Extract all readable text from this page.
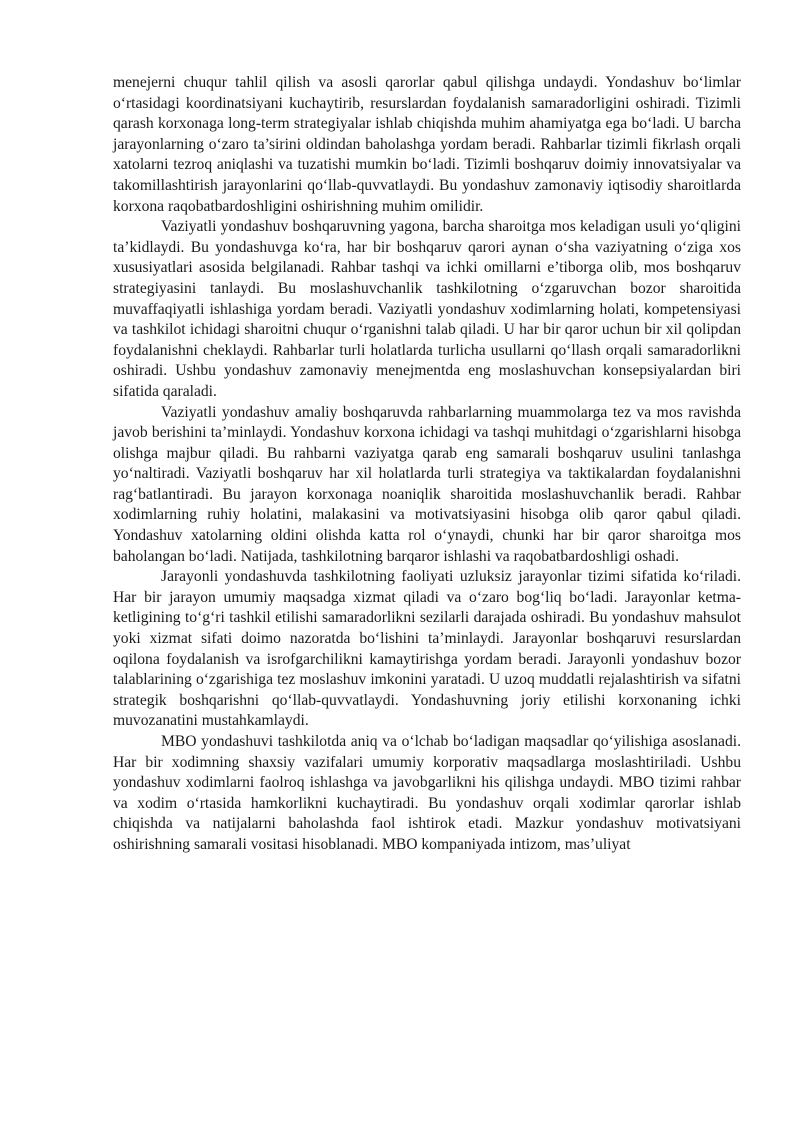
menejerni chuqur tahlil qilish va asosli qarorlar qabul qilishga undaydi. Yondashuv bo‘limlar o‘rtasidagi koordinatsiyani kuchaytirib, resurslardan foydalanish samaradorligini oshiradi. Tizimli qarash korxonaga long-term strategiyalar ishlab chiqishda muhim ahamiyatga ega bo‘ladi. U barcha jarayonlarning o‘zaro ta’sirini oldindan baholashga yordam beradi. Rahbarlar tizimli fikrlash orqali xatolarni tezroq aniqlashi va tuzatishi mumkin bo‘ladi. Tizimli boshqaruv doimiy innovatsiyalar va takomillashtirish jarayonlarini qo‘llab-quvvatlaydi. Bu yondashuv zamonaviy iqtisodiy sharoitlarda korxona raqobatbardoshligini oshirishning muhim omilidir.

Vaziyatli yondashuv boshqaruvning yagona, barcha sharoitga mos keladigan usuli yo‘qligini ta’kidlaydi. Bu yondashuvga ko‘ra, har bir boshqaruv qarori aynan o‘sha vaziyatning o‘ziga xos xususiyatlari asosida belgilanadi. Rahbar tashqi va ichki omillarni e’tiborga olib, mos boshqaruv strategiyasini tanlaydi. Bu moslashuvchanlik tashkilotning o‘zgaruvchan bozor sharoitida muvaffaqiyatli ishlashiga yordam beradi. Vaziyatli yondashuv xodimlarning holati, kompetensiyasi va tashkilot ichidagi sharoitni chuqur o‘rganishni talab qiladi. U har bir qaror uchun bir xil qolipdan foydalanishni cheklaydi. Rahbarlar turli holatlarda turlicha usullarni qo‘llash orqali samaradorlikni oshiradi. Ushbu yondashuv zamonaviy menejmentda eng moslashuvchan konsepsiyalardan biri sifatida qaraladi.

Vaziyatli yondashuv amaliy boshqaruvda rahbarlarning muammolarga tez va mos ravishda javob berishini ta’minlaydi. Yondashuv korxona ichidagi va tashqi muhitdagi o‘zgarishlarni hisobga olishga majbur qiladi. Bu rahbarni vaziyatga qarab eng samarali boshqaruv usulini tanlashga yo‘naltiradi. Vaziyatli boshqaruv har xil holatlarda turli strategiya va taktikalardan foydalanishni rag‘batlantiradi. Bu jarayon korxonaga noaniqlik sharoitida moslashuvchanlik beradi. Rahbar xodimlarning ruhiy holatini, malakasini va motivatsiyasini hisobga olib qaror qabul qiladi. Yondashuv xatolarning oldini olishda katta rol o‘ynaydi, chunki har bir qaror sharoitga mos baholangan bo‘ladi. Natijada, tashkilotning barqaror ishlashi va raqobatbardoshligi oshadi.

Jarayonli yondashuvda tashkilotning faoliyati uzluksiz jarayonlar tizimi sifatida ko‘riladi. Har bir jarayon umumiy maqsadga xizmat qiladi va o‘zaro bog‘liq bo‘ladi. Jarayonlar ketma-ketligining to‘g‘ri tashkil etilishi samaradorlikni sezilarli darajada oshiradi. Bu yondashuv mahsulot yoki xizmat sifati doimo nazoratda bo‘lishini ta’minlaydi. Jarayonlar boshqaruvi resurslardan oqilona foydalanish va isrofgarchilikni kamaytirishga yordam beradi. Jarayonli yondashuv bozor talablarining o‘zgarishiga tez moslashuv imkonini yaratadi. U uzoq muddatli rejalashtirish va sifatni strategik boshqarishni qo‘llab-quvvatlaydi. Yondashuvning joriy etilishi korxonaning ichki muvozanatini mustahkamlaydi.

MBO yondashuvi tashkilotda aniq va o‘lchab bo‘ladigan maqsadlar qo‘yilishiga asoslanadi. Har bir xodimning shaxsiy vazifalari umumiy korporativ maqsadlarga moslashtiriladi. Ushbu yondashuv xodimlarni faolroq ishlashga va javobgarlikni his qilishga undaydi. MBO tizimi rahbar va xodim o‘rtasida hamkorlikni kuchaytiradi. Bu yondashuv orqali xodimlar qarorlar ishlab chiqishda va natijalarni baholashda faol ishtirok etadi. Mazkur yondashuv motivatsiyani oshirishning samarali vositasi hisoblanadi. MBO kompaniyada intizom, mas’uliyat
